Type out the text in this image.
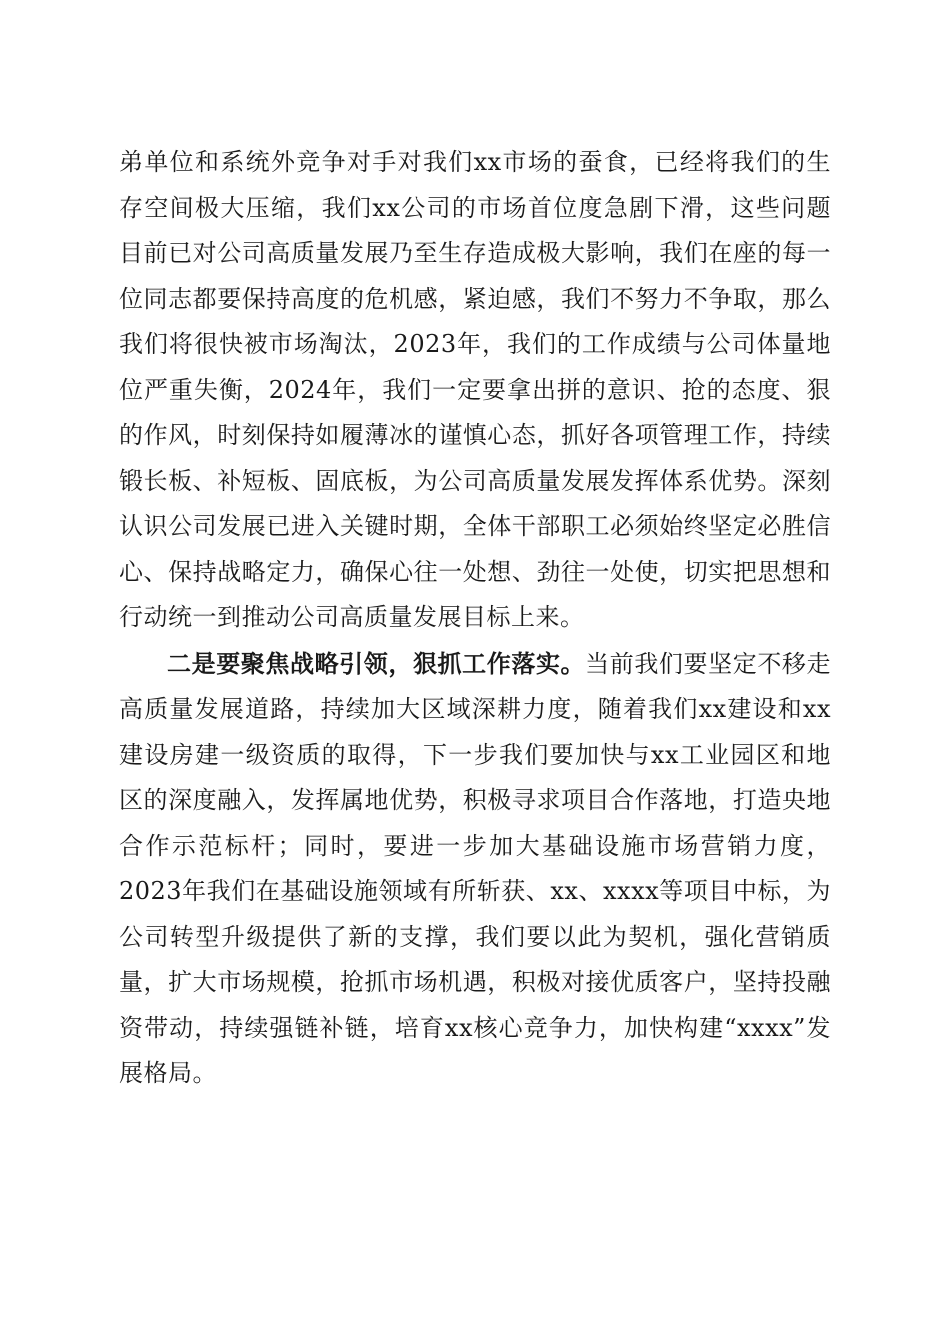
弟单位和系统外竞争对手对我们xx市场的蚕食，已经将我们的生存空间极大压缩，我们xx公司的市场首位度急剧下滑，这些问题目前已对公司高质量发展乃至生存造成极大影响，我们在座的每一位同志都要保持高度的危机感，紧迫感，我们不努力不争取，那么我们将很快被市场淘汰，2023年，我们的工作成绩与公司体量地位严重失衡，2024年，我们一定要拿出拼的意识、抢的态度、狠的作风，时刻保持如履薄冰的谨慎心态，抓好各项管理工作，持续锻长板、补短板、固底板，为公司高质量发展发挥体系优势。深刻认识公司发展已进入关键时期，全体干部职工必须始终坚定必胜信心、保持战略定力，确保心往一处想、劲往一处使，切实把思想和行动统一到推动公司高质量发展目标上来。

二是要聚焦战略引领，狠抓工作落实。当前我们要坚定不移走高质量发展道路，持续加大区域深耕力度，随着我们xx建设和xx建设房建一级资质的取得，下一步我们要加快与xx工业园区和地区的深度融入，发挥属地优势，积极寻求项目合作落地，打造央地合作示范标杆；同时，要进一步加大基础设施市场营销力度，2023年我们在基础设施领域有所斩获、xx、xxxx等项目中标，为公司转型升级提供了新的支撑，我们要以此为契机，强化营销质量，扩大市场规模，抢抓市场机遇，积极对接优质客户，坚持投融资带动，持续强链补链，培育xx核心竞争力，加快构建“xxxx”发展格局。
